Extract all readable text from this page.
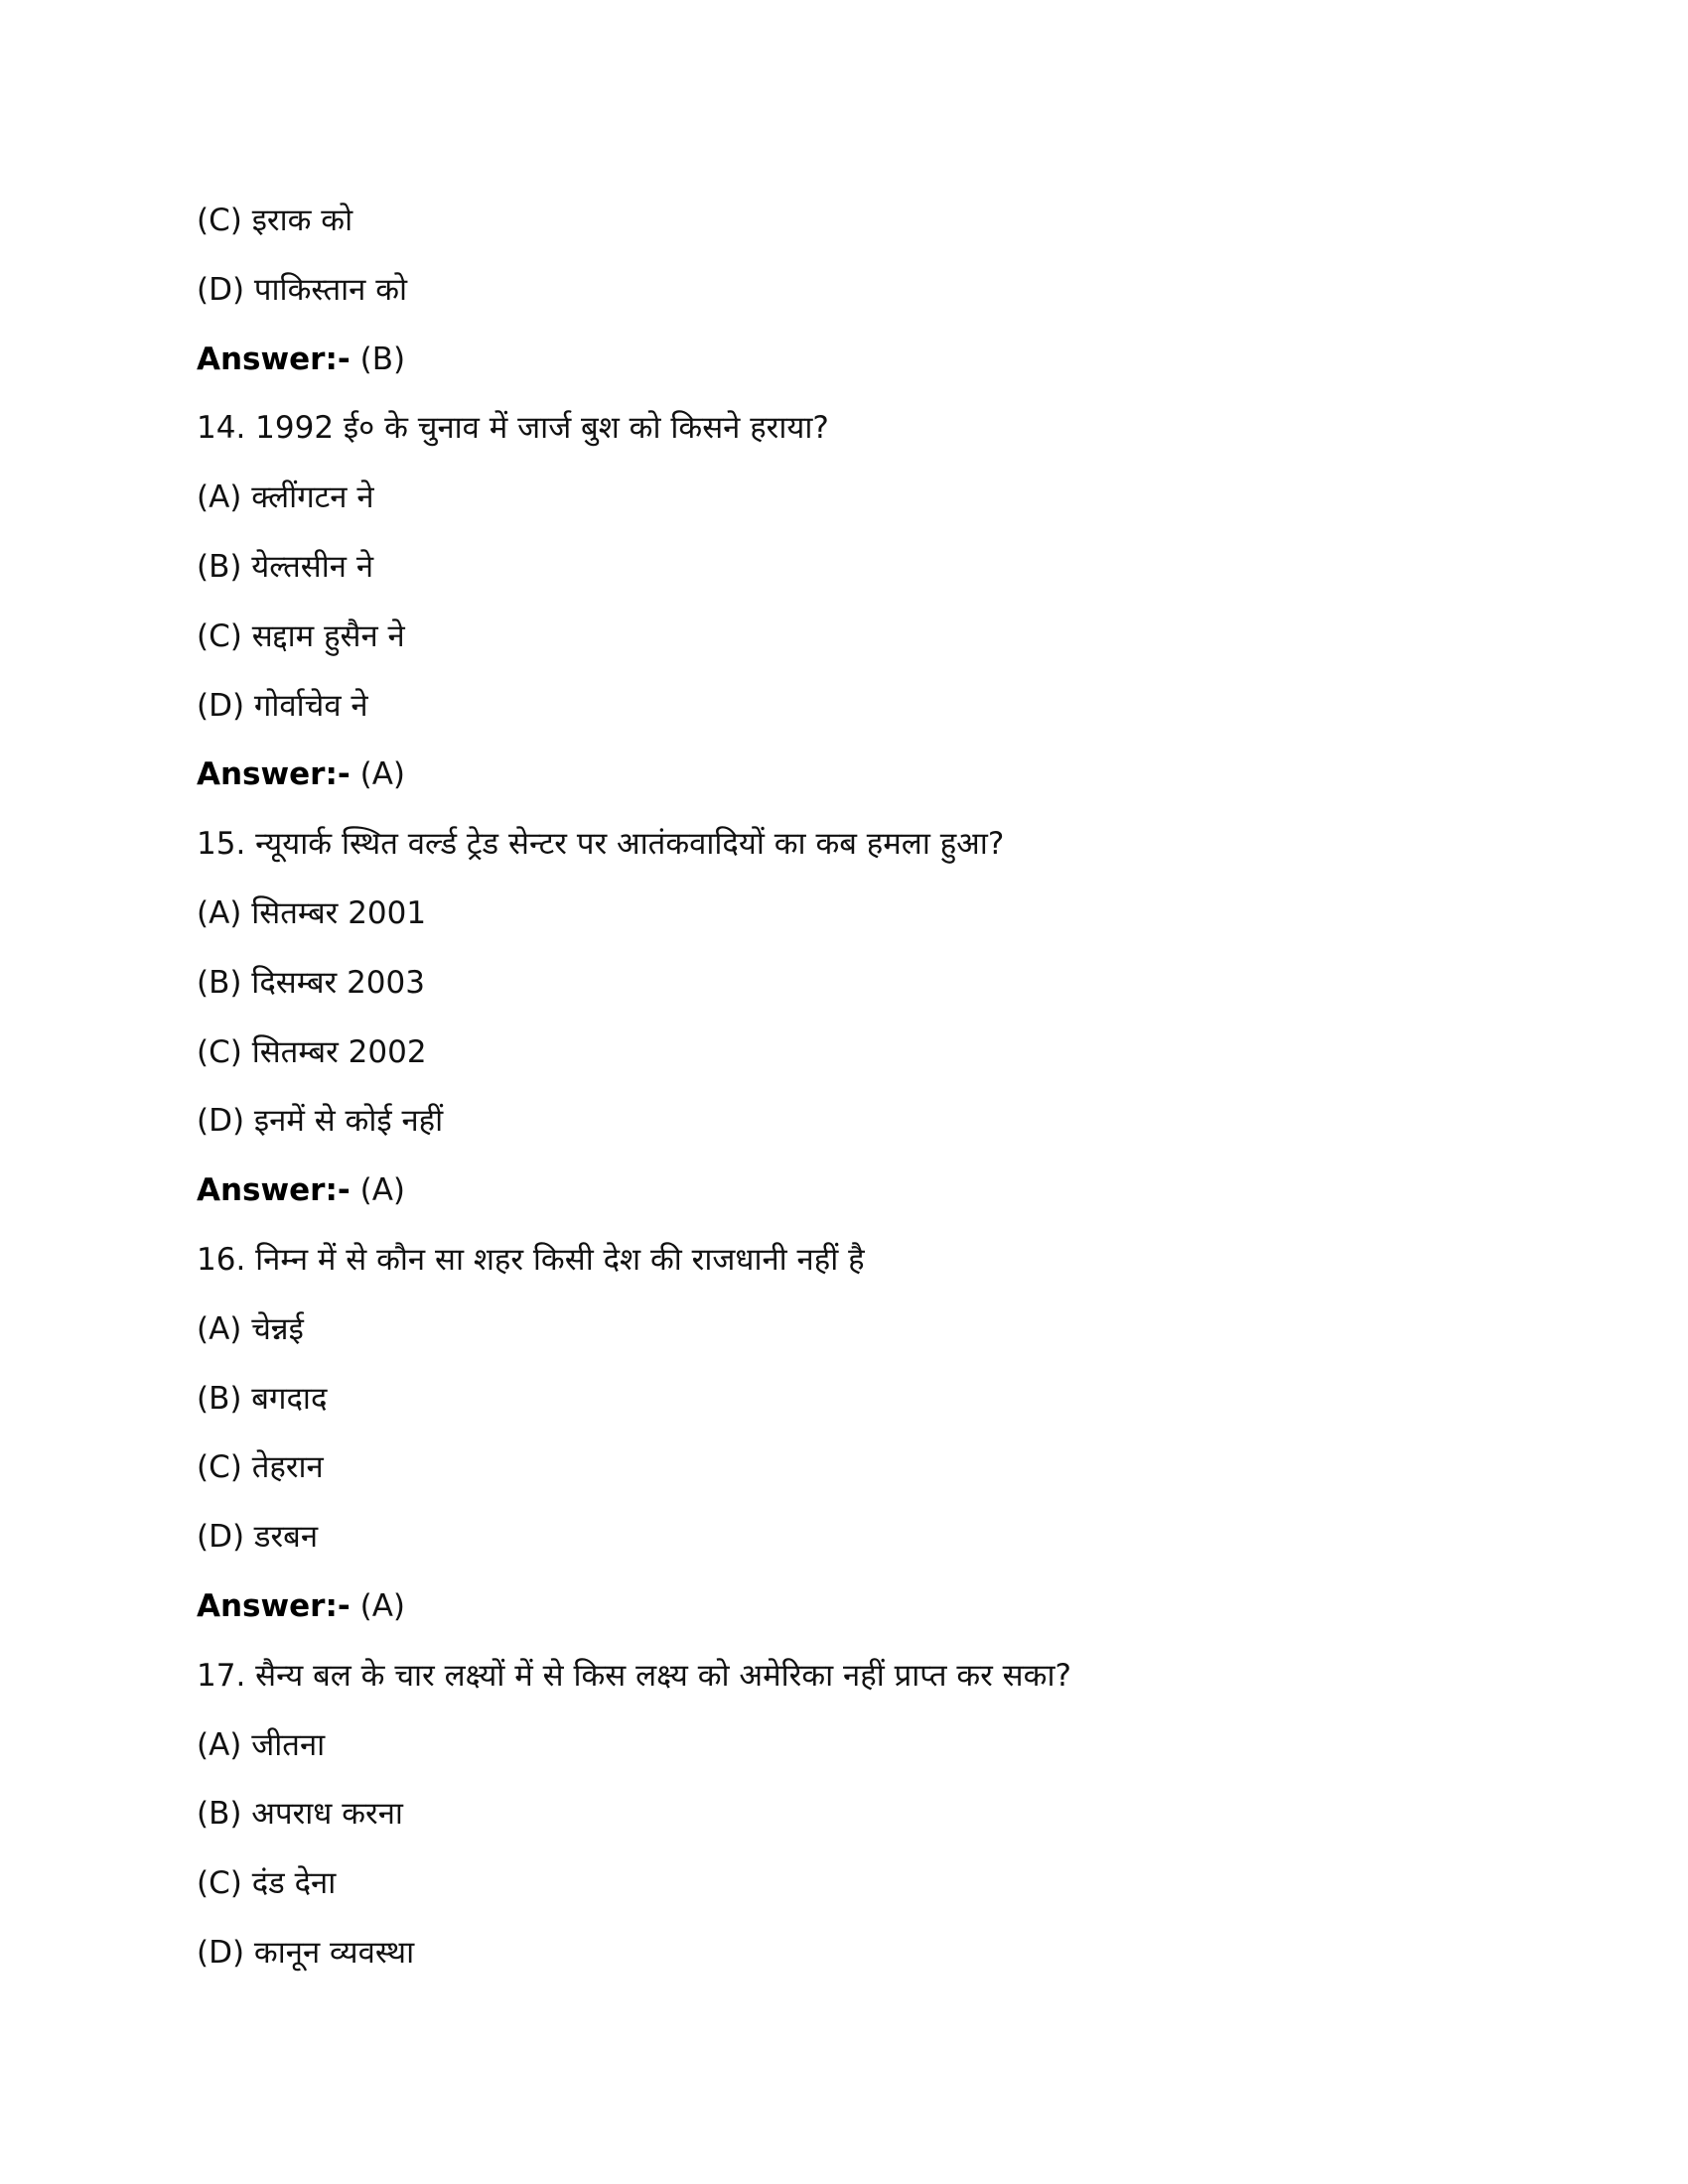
(C) इराक को
(D) पाकिस्तान को
Answer:- (B)
14. 1992 ई० के चुनाव में जार्ज बुश को किसने हराया?
(A) क्लींगटन ने
(B) येल्तसीन ने
(C) सद्दाम हुसैन ने
(D) गोर्वाचेव ने
Answer:- (A)
15. न्यूयार्क स्थित वर्ल्ड ट्रेड सेन्टर पर आतंकवादियों का कब हमला हुआ?
(A) सितम्बर 2001
(B) दिसम्बर 2003
(C) सितम्बर 2002
(D) इनमें से कोई नहीं
Answer:- (A)
16. निम्न में से कौन सा शहर किसी देश की राजधानी नहीं है
(A) चेन्नई
(B) बगदाद
(C) तेहरान
(D) डरबन
Answer:- (A)
17. सैन्य बल के चार लक्ष्यों में से किस लक्ष्य को अमेरिका नहीं प्राप्त कर सका?
(A) जीतना
(B) अपराध करना
(C) दंड देना
(D) कानून व्यवस्था
